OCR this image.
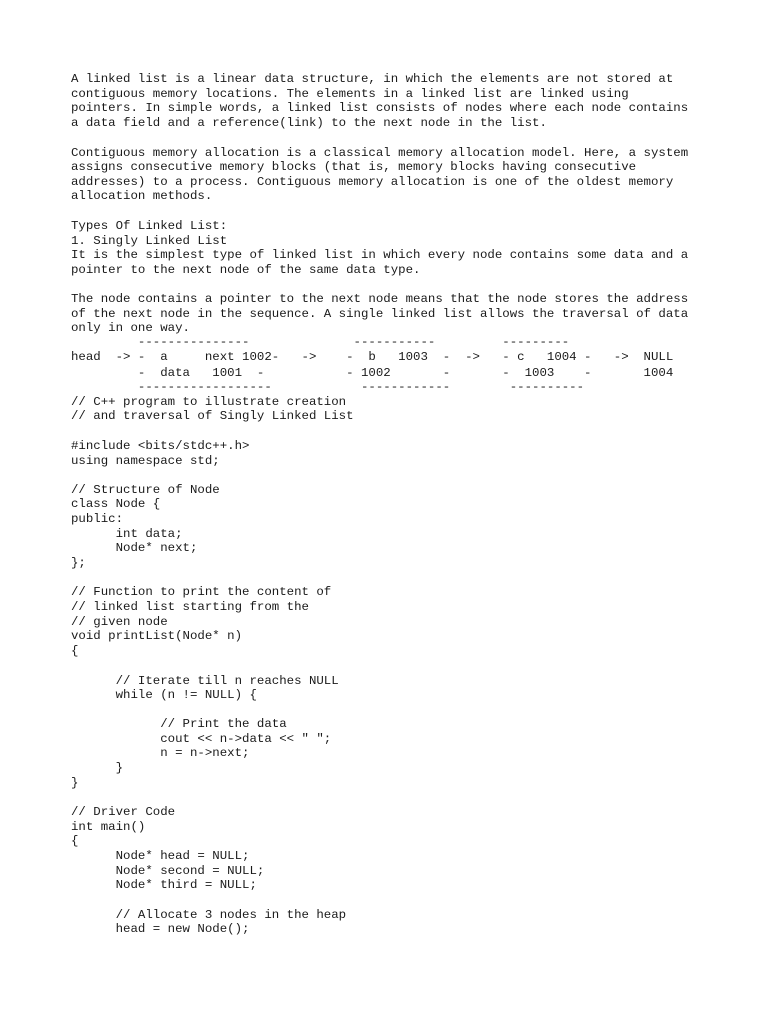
A linked list is a linear data structure, in which the elements are not stored at

contiguous memory locations. The elements in a linked list are linked using

pointers. In simple words, a linked list consists of nodes where each node contains

a data field and a reference(link) to the next node in the list.

Contiguous memory allocation is a classical memory allocation model. Here, a system

assigns consecutive memory blocks (that is, memory blocks having consecutive

addresses) to a process. Contiguous memory allocation is one of the oldest memory

allocation methods.

Types Of Linked List:

1. Singly Linked List

It is the simplest type of linked list in which every node contains some data and a

pointer to the next node of the same data type.

The node contains a pointer to the next node means that the node stores the address

of the next node in the sequence. A single linked list allows the traversal of data

only in one way.

---------------              -----------         ---------

head  -> -  a     next 1002-   ->    -  b   1003  -  ->   - c   1004 -   ->  NULL

-  data   1001  -           - 1002       -       -  1003    -       1004

------------------            ------------        ----------

// C++ program to illustrate creation

// and traversal of Singly Linked List

#include <bits/stdc++.h>

using namespace std;

// Structure of Node

class Node {

public:

int data;

Node* next;

};

// Function to print the content of

// linked list starting from the

// given node

void printList(Node* n)

{

// Iterate till n reaches NULL

while (n != NULL) {

// Print the data

cout << n->data << " ";

n = n->next;

}

}

// Driver Code

int main()

{

Node* head = NULL;

Node* second = NULL;

Node* third = NULL;

// Allocate 3 nodes in the heap

head = new Node();
